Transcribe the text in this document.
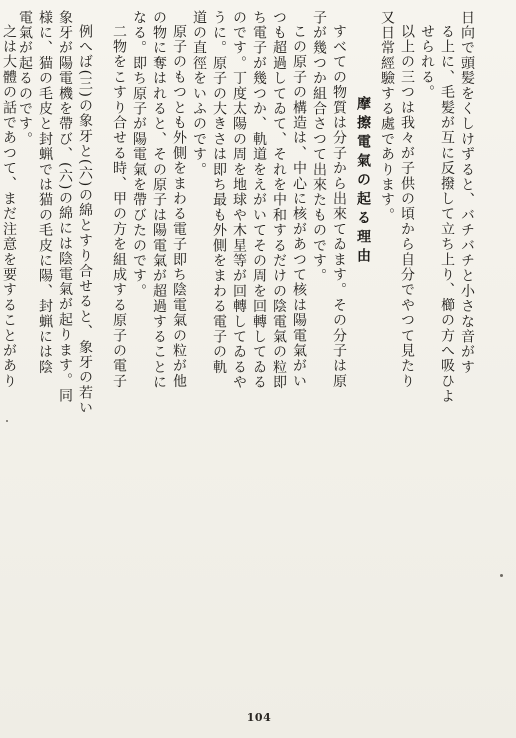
日向で頭髪をくしけずると、バチバチと小さな音がす
る上に、毛髪が互に反撥して立ち上り、櫛の方へ吸ひよ
せられる。
以上の三つは我々が子供の頃から自分でやつて見たり
又日常經驗する處であります。
摩擦電氣の起る理由
すべての物質は分子から出來てゐます。その分子は原
子が幾つか組合さつて出來たものです。
この原子の構造は、中心に核があつて核は陽電氣がい
つも超過してゐて、それを中和するだけの陰電氣の粒即
ち電子が幾つか、軌道をえがいてその周を回轉してゐる
のです。丁度太陽の周を地球や木星等が回轉してゐるや
うに。原子の大きさは即ち最も外側をまわる電子の軌
道の直徑をいふのです。
原子のもつとも外側をまわる電子即ち陰電氣の粒が他
の物に奪はれると、その原子は陽電氣が超過することに
なる。即ち原子が陽電氣を帶びたのです。
二物をこすり合せる時、甲の方を組成する原子の電子
例へば(三)の象牙と(六)の綿とすり合せると、象牙の若い
象牙が陽電機を帶び、(六)の綿には陰電氣が起ります。同
様に、猫の毛皮と封蝋では猫の毛皮に陽、封蝋には陰
電氣が起るのです。
之は大體の話であつて、まだ注意を要することがあり
104
